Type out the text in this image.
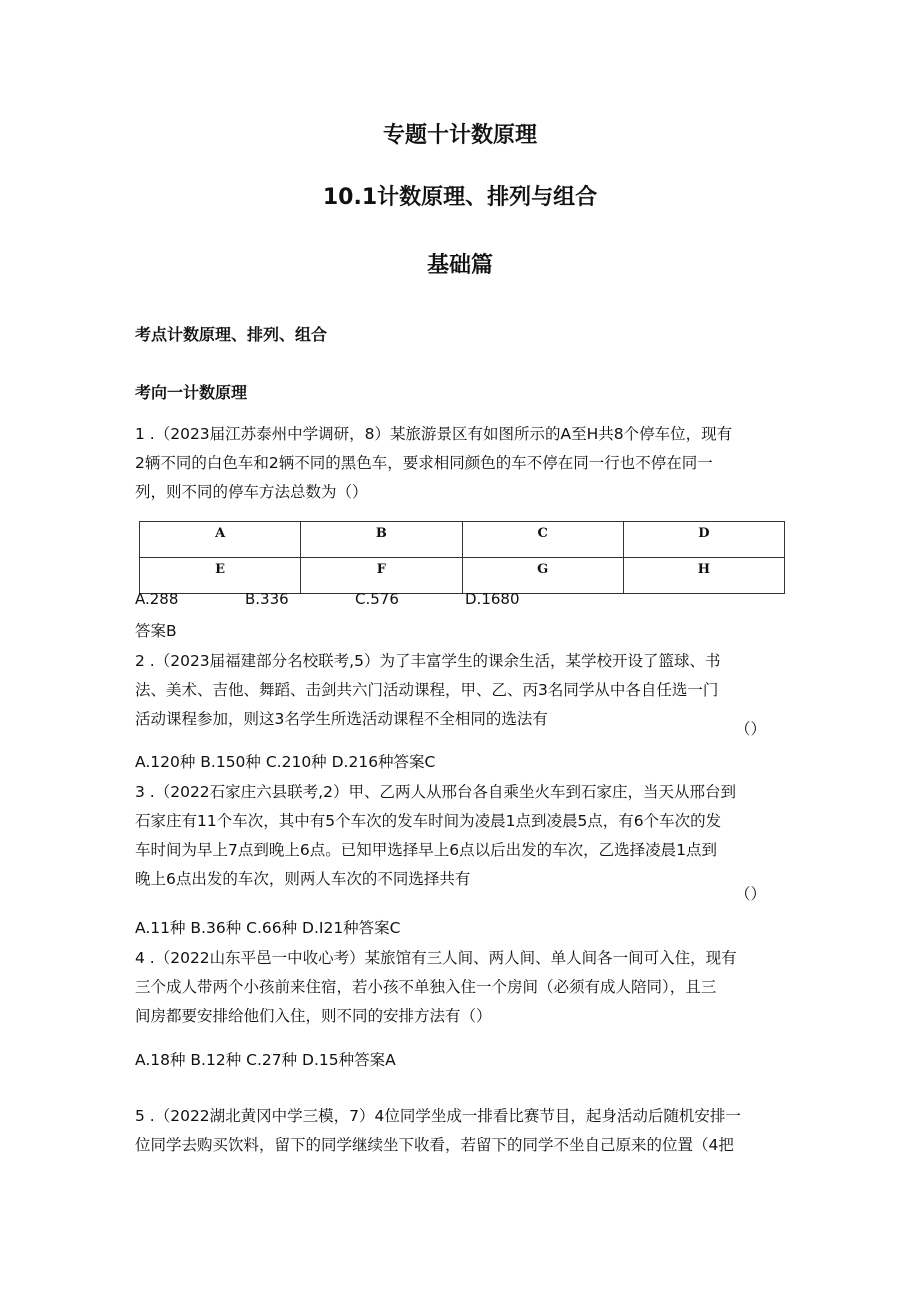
专题十计数原理
10.1计数原理、排列与组合
基础篇
考点计数原理、排列、组合
考向一计数原理
1 .（2023届江苏泰州中学调研，8）某旅游景区有如图所示的A至H共8个停车位，现有
2辆不同的白色车和2辆不同的黑色车，要求相同颜色的车不停在同一行也不停在同一
列，则不同的停车方法总数为（）
A	B	C	D
E	F	G	H
A.288	B.336	C.576	D.1680
答案B
2 .（2023届福建部分名校联考,5）为了丰富学生的课余生活，某学校开设了篮球、书
法、美术、吉他、舞蹈、击剑共六门活动课程，甲、乙、丙3名同学从中各自任选一门
活动课程参加，则这3名学生所选活动课程不全相同的选法有
（）
A.120种 B.150种 C.210种 D.216种答案C
3 .（2022石家庄六县联考,2）甲、乙两人从邢台各自乘坐火车到石家庄，当天从邢台到
石家庄有11个车次，其中有5个车次的发车时间为凌晨1点到凌晨5点，有6个车次的发
车时间为早上7点到晚上6点。已知甲选择早上6点以后出发的车次，乙选择凌晨1点到
晚上6点出发的车次，则两人车次的不同选择共有
（）
A.11种 B.36种 C.66种 D.I21种答案C
4 .（2022山东平邑一中收心考）某旅馆有三人间、两人间、单人间各一间可入住，现有
三个成人带两个小孩前来住宿，若小孩不单独入住一个房间（必须有成人陪同），且三
间房都要安排给他们入住，则不同的安排方法有（）
A.18种 B.12种 C.27种 D.15种答案A
5 .（2022湖北黄冈中学三模，7）4位同学坐成一排看比赛节目，起身活动后随机安排一
位同学去购买饮料，留下的同学继续坐下收看，若留下的同学不坐自己原来的位置（4把
